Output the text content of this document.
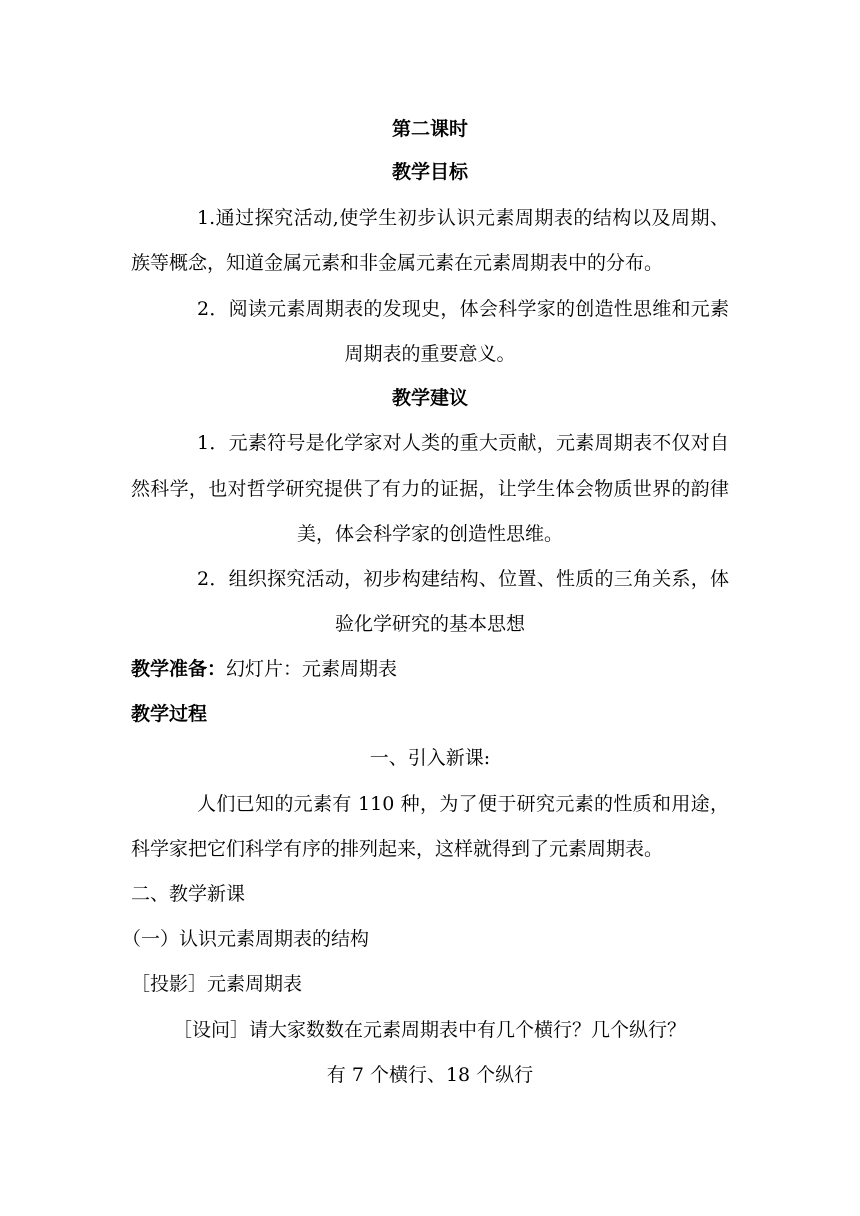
第二课时
教学目标
1.通过探究活动,使学生初步认识元素周期表的结构以及周期、
族等概念，知道金属元素和非金属元素在元素周期表中的分布。
2．阅读元素周期表的发现史，体会科学家的创造性思维和元素
周期表的重要意义。
教学建议
1．元素符号是化学家对人类的重大贡献，元素周期表不仅对自
然科学，也对哲学研究提供了有力的证据，让学生体会物质世界的韵律
美，体会科学家的创造性思维。
2．组织探究活动，初步构建结构、位置、性质的三角关系，体
验化学研究的基本思想
教学准备：幻灯片：元素周期表
教学过程
一、引入新课:
人们已知的元素有 110 种，为了便于研究元素的性质和用途，
科学家把它们科学有序的排列起来，这样就得到了元素周期表。
二、教学新课
（一）认识元素周期表的结构
［投影］元素周期表
［设问］请大家数数在元素周期表中有几个横行？几个纵行？
有 7 个横行、18 个纵行
